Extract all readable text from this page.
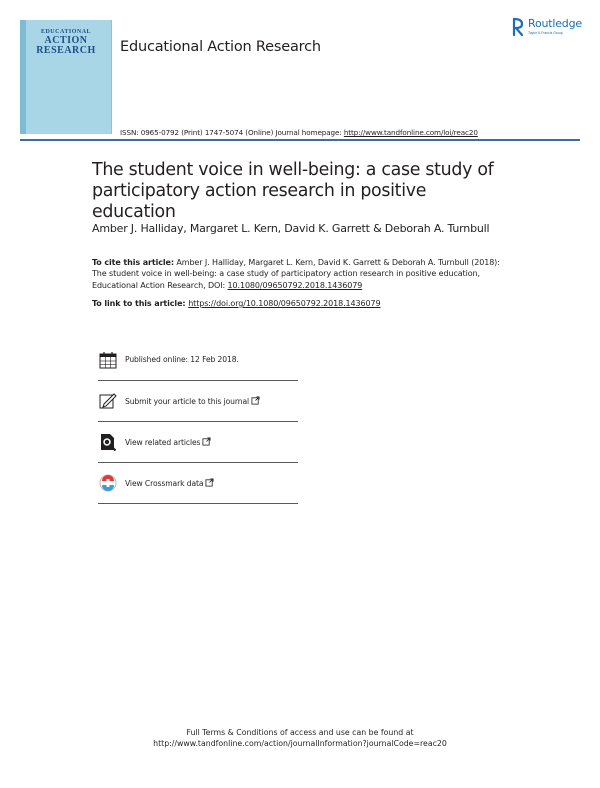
EDUCATIONAL
ACTION
RESEARCH	Educational Action Research
Routledge
Taylor & Francis Group
ISSN: 0965-0792 (Print) 1747-5074 (Online) Journal homepage: http://www.tandfonline.com/loi/reac20
The student voice in well-being: a case study of participatory action research in positive education
Amber J. Halliday, Margaret L. Kern, David K. Garrett & Deborah A. Turnbull
To cite this article: Amber J. Halliday, Margaret L. Kern, David K. Garrett & Deborah A. Turnbull (2018): The student voice in well-being: a case study of participatory action research in positive education, Educational Action Research, DOI: 10.1080/09650792.2018.1436079
To link to this article: https://doi.org/10.1080/09650792.2018.1436079
Published online: 12 Feb 2018.
Submit your article to this journal
View related articles
View Crossmark data
Full Terms & Conditions of access and use can be found at
http://www.tandfonline.com/action/journalInformation?journalCode=reac20
